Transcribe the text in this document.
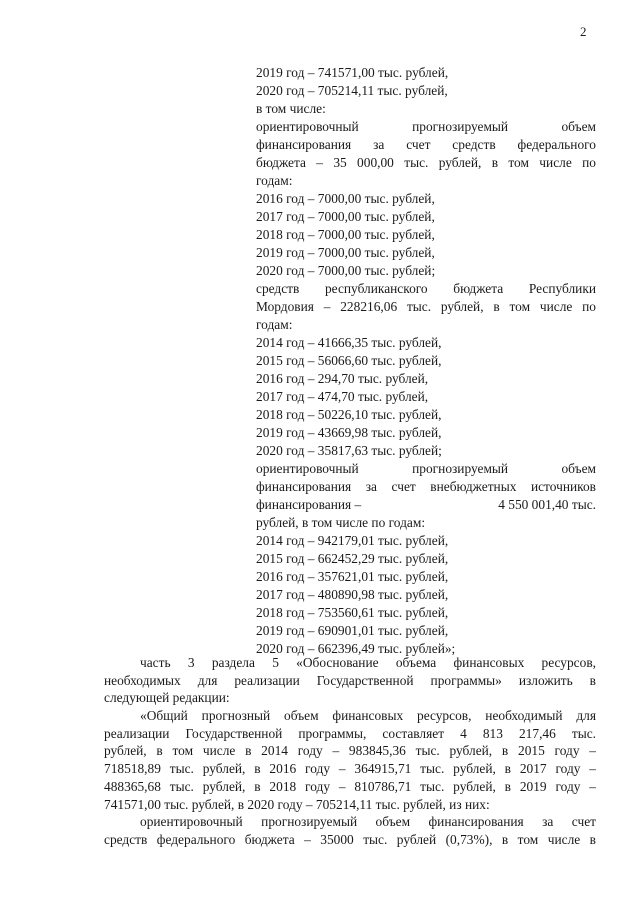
2
2019 год – 741571,00 тыс. рублей,
2020 год – 705214,11 тыс. рублей,
в том числе:
ориентировочный прогнозируемый объем
финансирования за счет средств федерального
бюджета – 35 000,00 тыс. рублей, в том числе по
годам:
2016 год – 7000,00 тыс. рублей,
2017 год – 7000,00 тыс. рублей,
2018 год – 7000,00 тыс. рублей,
2019 год – 7000,00 тыс. рублей,
2020 год – 7000,00 тыс. рублей;
средств республиканского бюджета Республики
Мордовия – 228216,06 тыс. рублей, в том числе по
годам:
2014 год – 41666,35 тыс. рублей,
2015 год – 56066,60 тыс. рублей,
2016 год – 294,70 тыс. рублей,
2017 год – 474,70 тыс. рублей,
2018 год – 50226,10 тыс. рублей,
2019 год – 43669,98 тыс. рублей,
2020 год – 35817,63 тыс. рублей;
ориентировочный прогнозируемый объем
финансирования за счет внебюджетных источников
финансирования –	4 550 001,40 тыс.
рублей, в том числе по годам:
2014 год – 942179,01 тыс. рублей,
2015 год – 662452,29 тыс. рублей,
2016 год – 357621,01 тыс. рублей,
2017 год – 480890,98 тыс. рублей,
2018 год – 753560,61 тыс. рублей,
2019 год – 690901,01 тыс. рублей,
2020 год – 662396,49 тыс. рублей»;
часть 3 раздела 5 «Обоснование объема финансовых ресурсов,
необходимых для реализации Государственной программы» изложить в
следующей редакции:
«Общий прогнозный объем финансовых ресурсов, необходимый для
реализации Государственной программы, составляет 4 813 217,46 тыс.
рублей, в том числе в 2014 году – 983845,36 тыс. рублей, в 2015 году –
718518,89 тыс. рублей, в 2016 году – 364915,71 тыс. рублей, в 2017 году –
488365,68 тыс. рублей, в 2018 году – 810786,71 тыс. рублей, в 2019 году –
741571,00 тыс. рублей, в 2020 году – 705214,11 тыс. рублей, из них:
ориентировочный прогнозируемый объем финансирования за счет
средств федерального бюджета – 35000 тыс. рублей (0,73%), в том числе в
